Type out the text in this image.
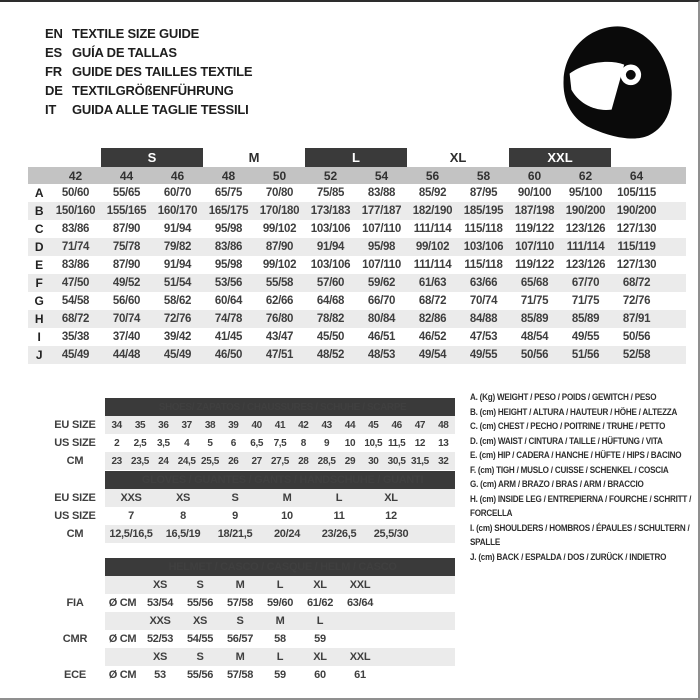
EN TEXTILE SIZE GUIDE
ES GUÍA DE TALLAS
FR GUIDE DES TAILLES TEXTILE
DE TEXTILGRÖßENFÜHRUNG
IT	GUIDA ALLE TAGLIE TESSILI
		S		M		L		XL		XXL			
	42	44	46	48	50	52	54	56	58	60	62	64	
A	50/60	55/65	60/70	65/75	70/80	75/85	83/88	85/92	87/95	90/100	95/100	105/115	
B	150/160	155/165	160/170	165/175	170/180	173/183	177/187	182/190	185/195	187/198	190/200	190/200	
C	83/86	87/90	91/94	95/98	99/102	103/106	107/110	111/114	115/118	119/122	123/126	127/130	
D	71/74	75/78	79/82	83/86	87/90	91/94	95/98	99/102	103/106	107/110	111/114	115/119	
E	83/86	87/90	91/94	95/98	99/102	103/106	107/110	111/114	115/118	119/122	123/126	127/130	
F	47/50	49/52	51/54	53/56	55/58	57/60	59/62	61/63	63/66	65/68	67/70	68/72	
G	54/58	56/60	58/62	60/64	62/66	64/68	66/70	68/72	70/74	71/75	71/75	72/76	
H	68/72	70/74	72/76	74/78	76/80	78/82	80/84	82/86	84/88	85/89	85/89	87/91	
I	35/38	37/40	39/42	41/45	43/47	45/50	46/51	46/52	47/53	48/54	49/55	50/56	
J	45/49	44/48	45/49	46/50	47/51	48/52	48/53	49/54	49/55	50/56	51/56	52/58	
	SHOES/ ZAPATOS / CHAUSSURES / SCHUHE / SCARPE														
EU SIZE	34	35	36	37	38	39	40	41	42	43	44	45	46	47	48
US SIZE	2	2,5	3,5	4	5	6	6,5	7,5	8	9	10	10,5	11,5	12	13
CM	23	23,5	24	24,5	25,5	26	27	27,5	28	28,5	29	30	30,5	31,5	32
	GLOVES / GUANTES / GANTS / HANDSCHUHE / GUANTI						
EU SIZE	XXS	XS	S	M	L	XL	
US SIZE	7	8	9	10	11	12	
CM	12,5/16,5	16,5/19	18/21,5	20/24	23/26,5	25,5/30	
	HELMET / CASCO / CASQUE / HELM / CASCO							
		XS	S	M	L	XL	XXL	
FIA	Ø CM	53/54	55/56	57/58	59/60	61/62	63/64	
		XXS	XS	S	M	L		
CMR	Ø CM	52/53	54/55	56/57	58	59		
		XS	S	M	L	XL	XXL	
ECE	Ø CM	53	55/56	57/58	59	60	61	
A. (Kg) WEIGHT / PESO / POIDS / GEWITCH / PESO
B. (cm) HEIGHT / ALTURA / HAUTEUR / HÖHE / ALTEZZA
C. (cm) CHEST / PECHO / POITRINE / TRUHE / PETTO
D. (cm) WAIST / CINTURA / TAILLE / HÜFTUNG / VITA
E. (cm) HIP / CADERA / HANCHE / HÜFTE / HIPS / BACINO
F. (cm) TIGH / MUSLO / CUISSE / SCHENKEL / COSCIA
G. (cm) ARM / BRAZO / BRAS / ARM / BRACCIO
H. (cm) INSIDE LEG / ENTREPIERNA / FOURCHE / SCHRITT / FORCELLA
I. (cm) SHOULDERS / HOMBROS / ÉPAULES / SCHULTERN / SPALLE
J. (cm) BACK / ESPALDA / DOS / ZURÜCK / INDIETRO
